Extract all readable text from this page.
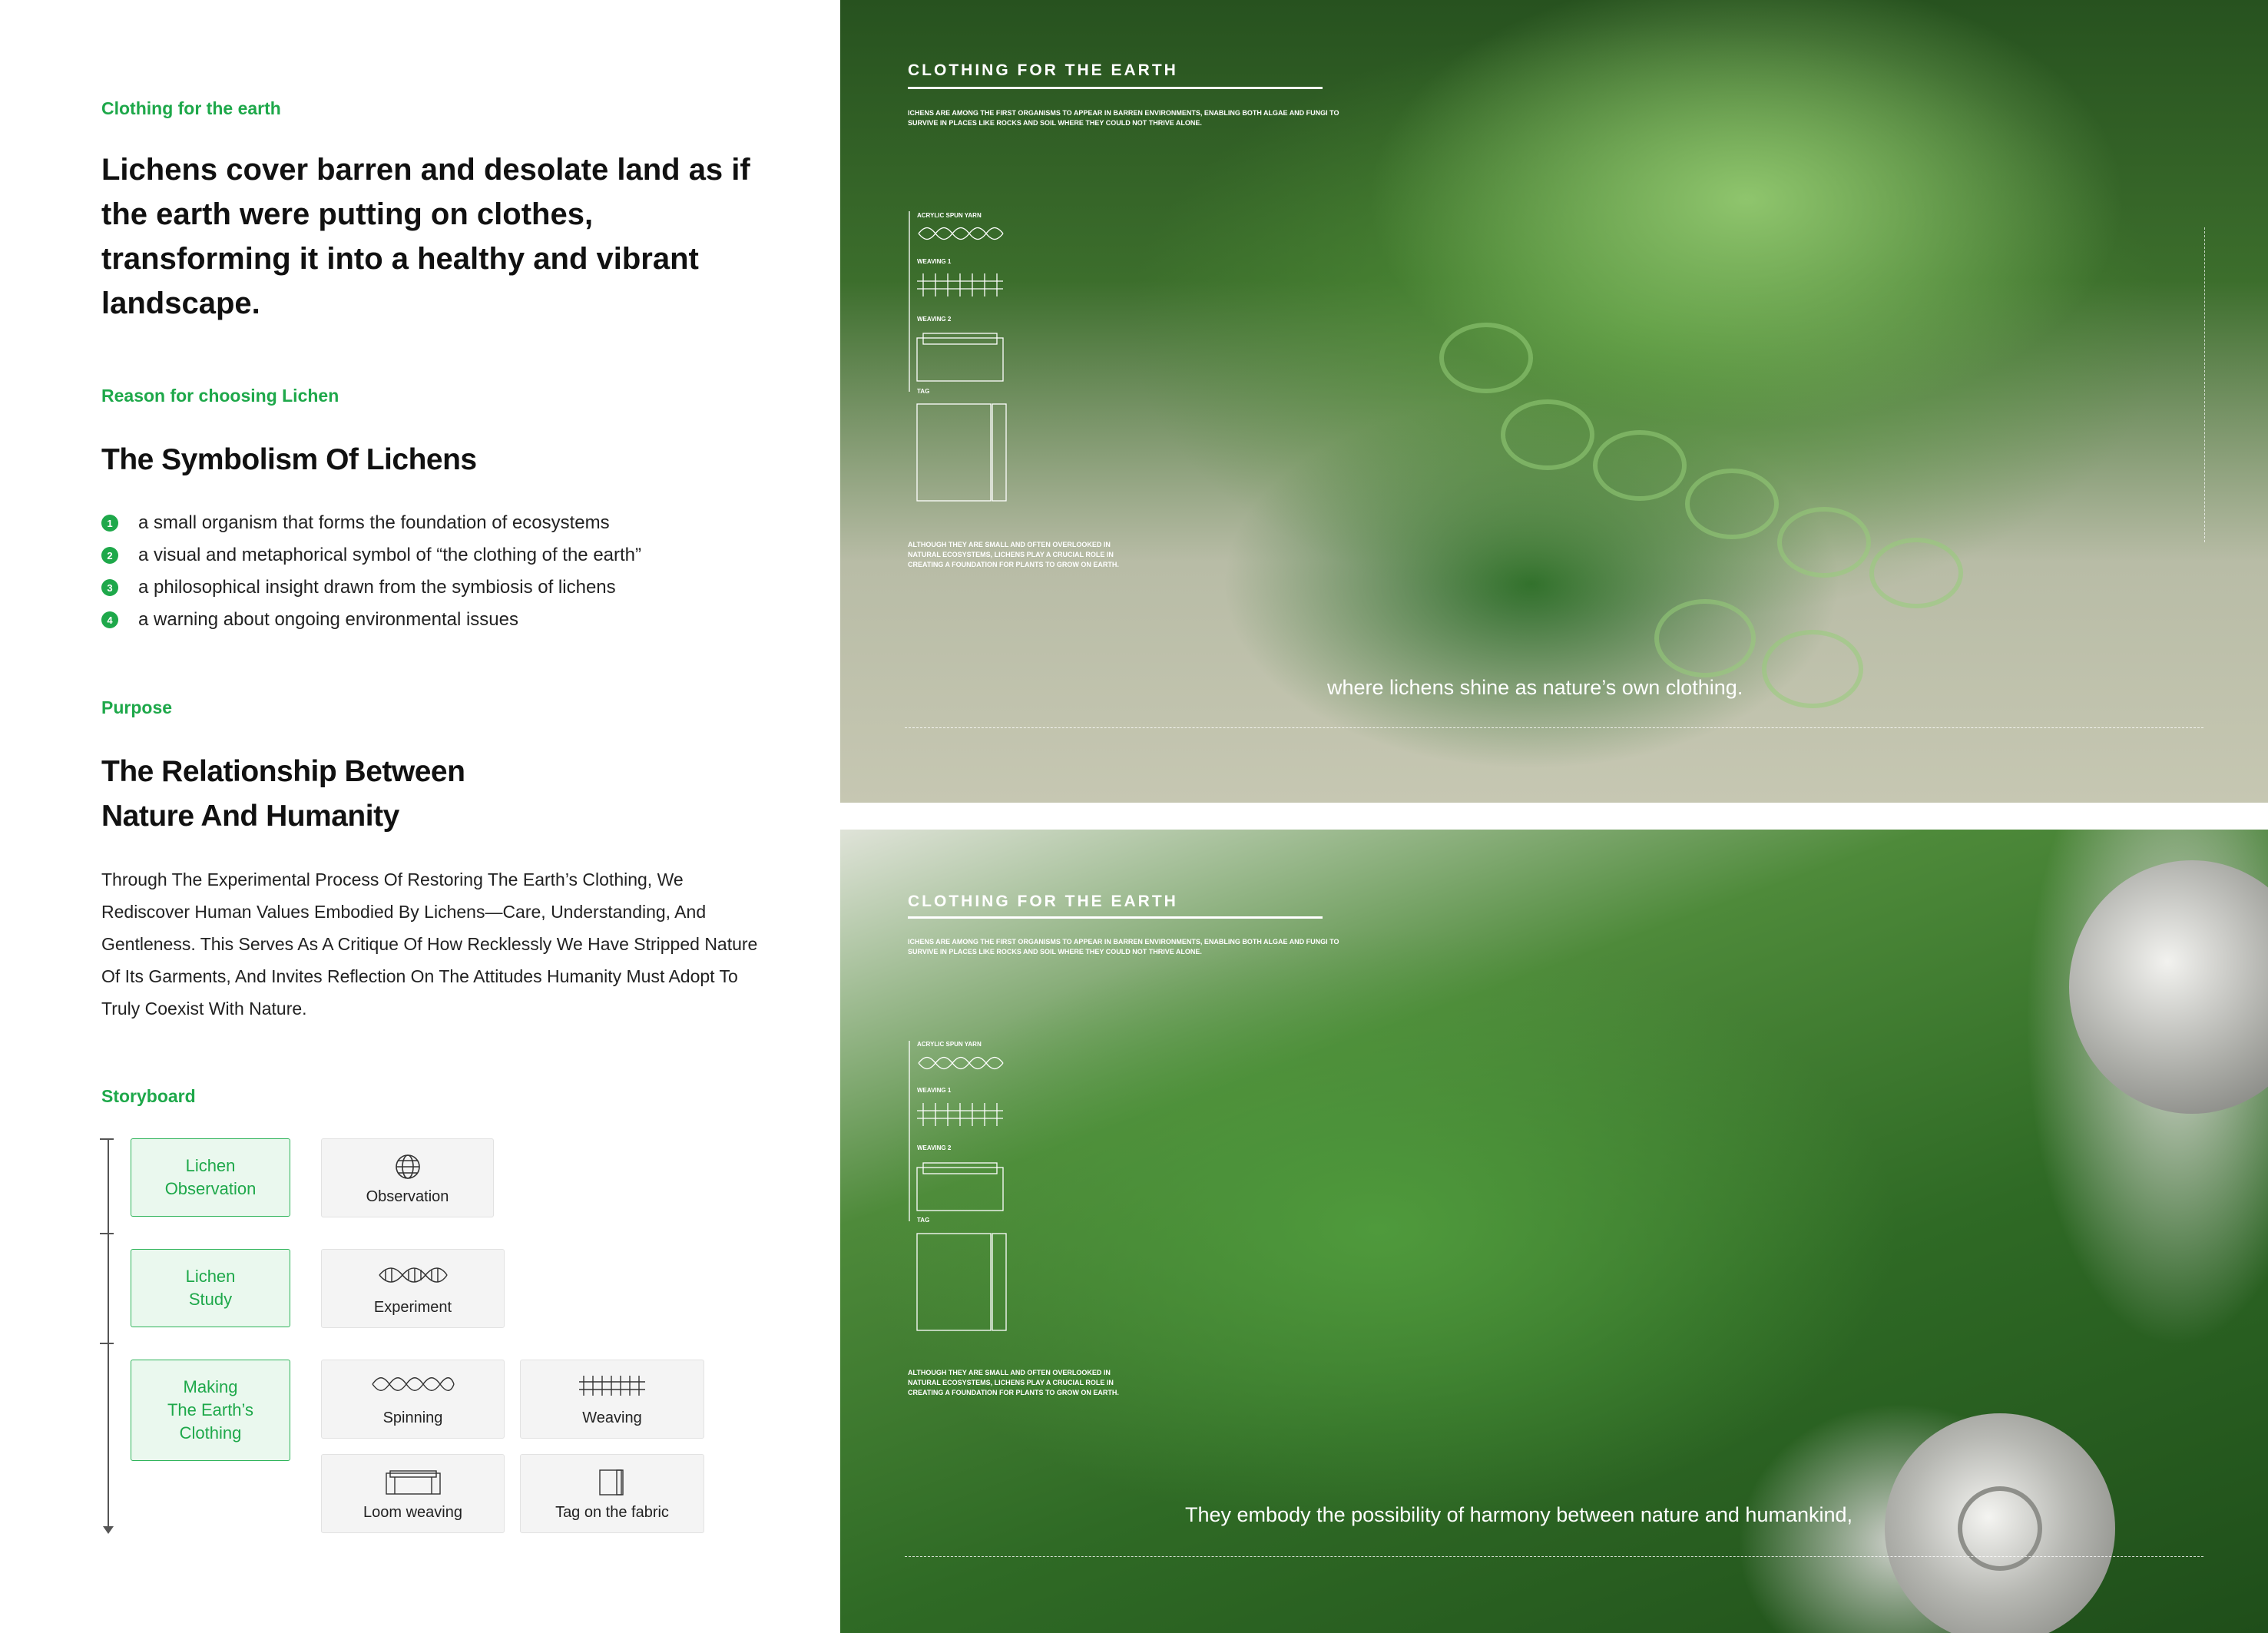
Clothing for the earth
Lichens cover barren and desolate land as if the earth were putting on clothes, transforming it into a healthy and vibrant landscape.
Reason for choosing Lichen
The Symbolism Of Lichens
1	a small organism that forms the foundation of ecosystems
2	a visual and metaphorical symbol of “the clothing of the earth”
3	a philosophical insight drawn from the symbiosis of lichens
4	a warning about ongoing environmental issues
Purpose
The Relationship Between
Nature And Humanity
Through The Experimental Process Of Restoring The Earth’s Clothing, We Rediscover Human Values Embodied By Lichens—Care, Understanding, And Gentleness. This Serves As A Critique Of How Recklessly We Have Stripped Nature Of Its Garments, And Invites Reflection On The Attitudes Humanity Must Adopt To Truly Coexist With Nature.
Storyboard
Lichen
Observation
Lichen
Study
Making
The Earth’s
Clothing
Observation
Experiment
Spinning	Weaving
Loom weaving	Tag on the fabric
CLOTHING FOR THE EARTH
ICHENS ARE AMONG THE FIRST ORGANISMS TO APPEAR IN BARREN ENVIRONMENTS, ENABLING BOTH ALGAE AND FUNGI TO SURVIVE IN PLACES LIKE ROCKS AND SOIL WHERE THEY COULD NOT THRIVE ALONE.
ACRYLIC SPUN YARN
WEAVING 1
WEAVING 2
TAG
ALTHOUGH THEY ARE SMALL AND OFTEN OVERLOOKED IN NATURAL ECOSYSTEMS, LICHENS PLAY A CRUCIAL ROLE IN CREATING A FOUNDATION FOR PLANTS TO GROW ON EARTH.
where lichens shine as nature’s own clothing.
CLOTHING FOR THE EARTH
ICHENS ARE AMONG THE FIRST ORGANISMS TO APPEAR IN BARREN ENVIRONMENTS, ENABLING BOTH ALGAE AND FUNGI TO SURVIVE IN PLACES LIKE ROCKS AND SOIL WHERE THEY COULD NOT THRIVE ALONE.
ACRYLIC SPUN YARN
WEAVING 1
WEAVING 2
TAG
ALTHOUGH THEY ARE SMALL AND OFTEN OVERLOOKED IN NATURAL ECOSYSTEMS, LICHENS PLAY A CRUCIAL ROLE IN CREATING A FOUNDATION FOR PLANTS TO GROW ON EARTH.
They embody the possibility of harmony between nature and humankind,
